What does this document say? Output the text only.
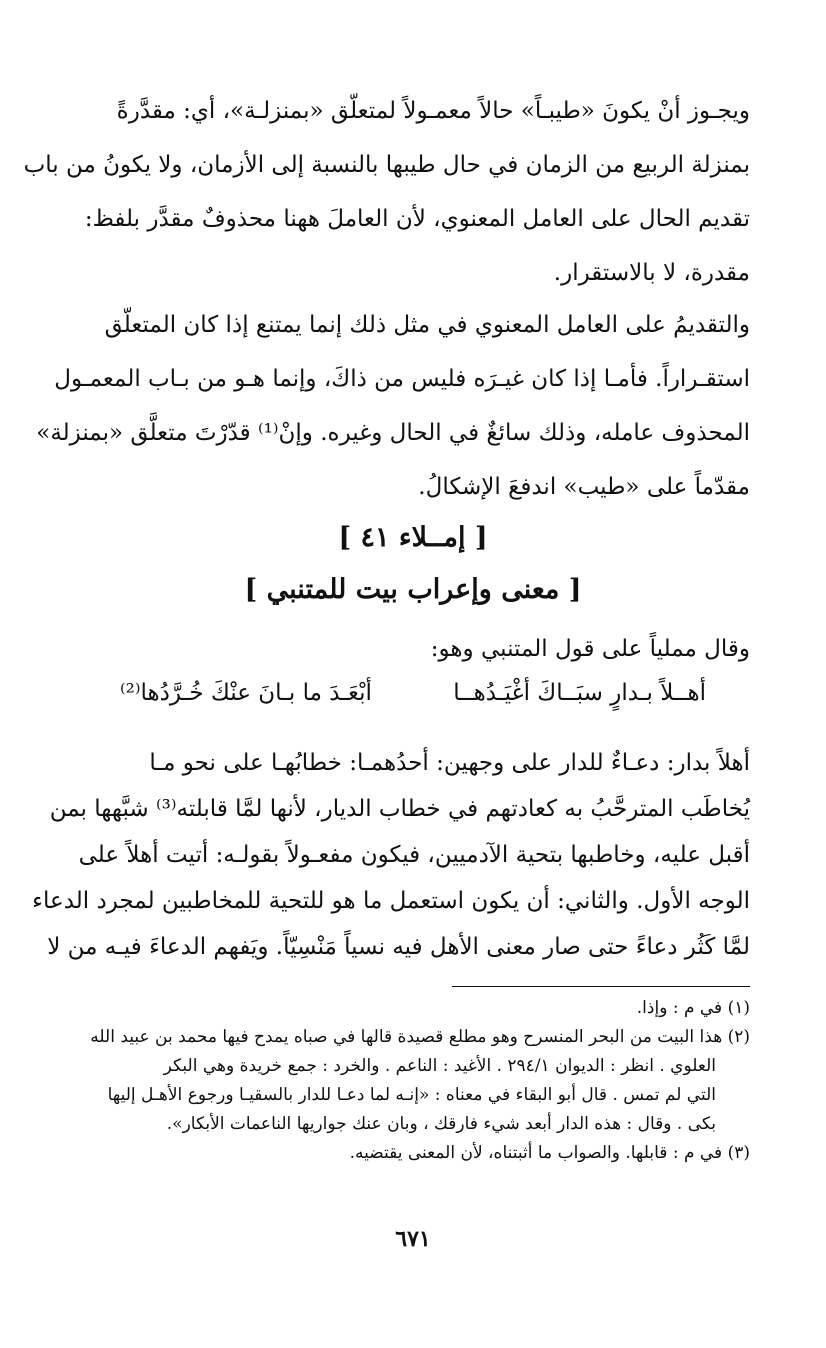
ويجـوز أنْ يكونَ «طيبـاً» حالاً معمـولاً لمتعلّق «بمنزلـة»، أي: مقدَّرةً
بمنزلة الربيع من الزمان في حال طيبها بالنسبة إلى الأزمان، ولا يكونُ من باب
تقديم الحال على العامل المعنوي، لأن العاملَ ههنا محذوفٌ مقدَّر بلفظ:
مقدرة، لا بالاستقرار.
والتقديمُ على العامل المعنوي في مثل ذلك إنما يمتنع إذا كان المتعلّق
استقـراراً. فأمـا إذا كان غيـرَه فليس من ذاكَ، وإنما هـو من بـاب المعمـول
المحذوف عامله، وذلك سائغٌ في الحال وغيره. وإنْ⁽¹⁾ قدّرْتَ متعلَّق «بمنزلة»
مقدّماً على «طيب» اندفعَ الإشكالُ.
[ إمــلاء ٤١ ]
[ معنى وإعراب بيت للمتنبي ]
وقال مملياً على قول المتنبي وهو:
أهــلاً بـدارٍ سبَــاكَ أغْيَـدُهــا
أبْعَـدَ ما بـانَ عنْكَ خُـرَّدُها⁽²⁾
أهلاً بدار: دعـاءٌ للدار على وجهين: أحدُهمـا: خطابُهـا على نحو مـا
يُخاطَب المترحَّبُ به كعادتهم في خطاب الديار، لأنها لمَّا قابلته⁽³⁾ شبَّهها بمن
أقبل عليه، وخاطبها بتحية الآدميين، فيكون مفعـولاً بقولـه: أتيت أهلاً على
الوجه الأول. والثاني: أن يكون استعمل ما هو للتحية للمخاطبين لمجرد الدعاء
لمَّا كَثُر دعاءً حتى صار معنى الأهل فيه نسياً مَنْسِيّاً. ويَفهم الدعاءَ فيـه من لا
(١) في م : وإذا.
(٢) هذا البيت من البحر المنسرح وهو مطلع قصيدة قالها في صباه يمدح فيها محمد بن عبيد الله
العلوي . انظر : الديوان ٢٩٤/١ . الأغيد : الناعم . والخرد : جمع خريدة وهي البكر
التي لم تمس . قال أبو البقاء في معناه : «إنـه لما دعـا للدار بالسقيـا ورجوع الأهـل إليها
بكى . وقال : هذه الدار أبعد شيء فارقك ، وبان عنك جواريها الناعمات الأبكار».
(٣) في م : قابلها. والصواب ما أثبتناه، لأن المعنى يقتضيه.
٦٧١
